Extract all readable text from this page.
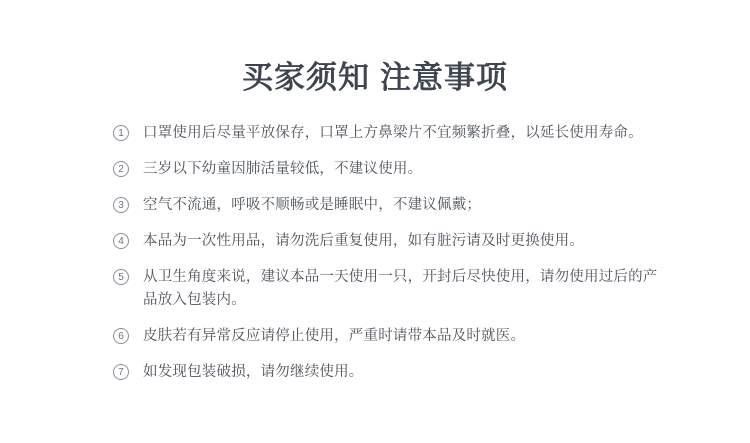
买家须知 注意事项
1	口罩使用后尽量平放保存，口罩上方鼻梁片不宜频繁折叠，以延长使用寿命。
2	三岁以下幼童因肺活量较低，不建议使用。
3	空气不流通，呼吸不顺畅或是睡眠中，不建议佩戴；
4	本品为一次性用品，请勿洗后重复使用，如有脏污请及时更换使用。
5	从卫生角度来说，建议本品一天使用一只，开封后尽快使用，请勿使用过后的产品放入包装内。
6	皮肤若有异常反应请停止使用，严重时请带本品及时就医。
7	如发现包装破损，请勿继续使用。
